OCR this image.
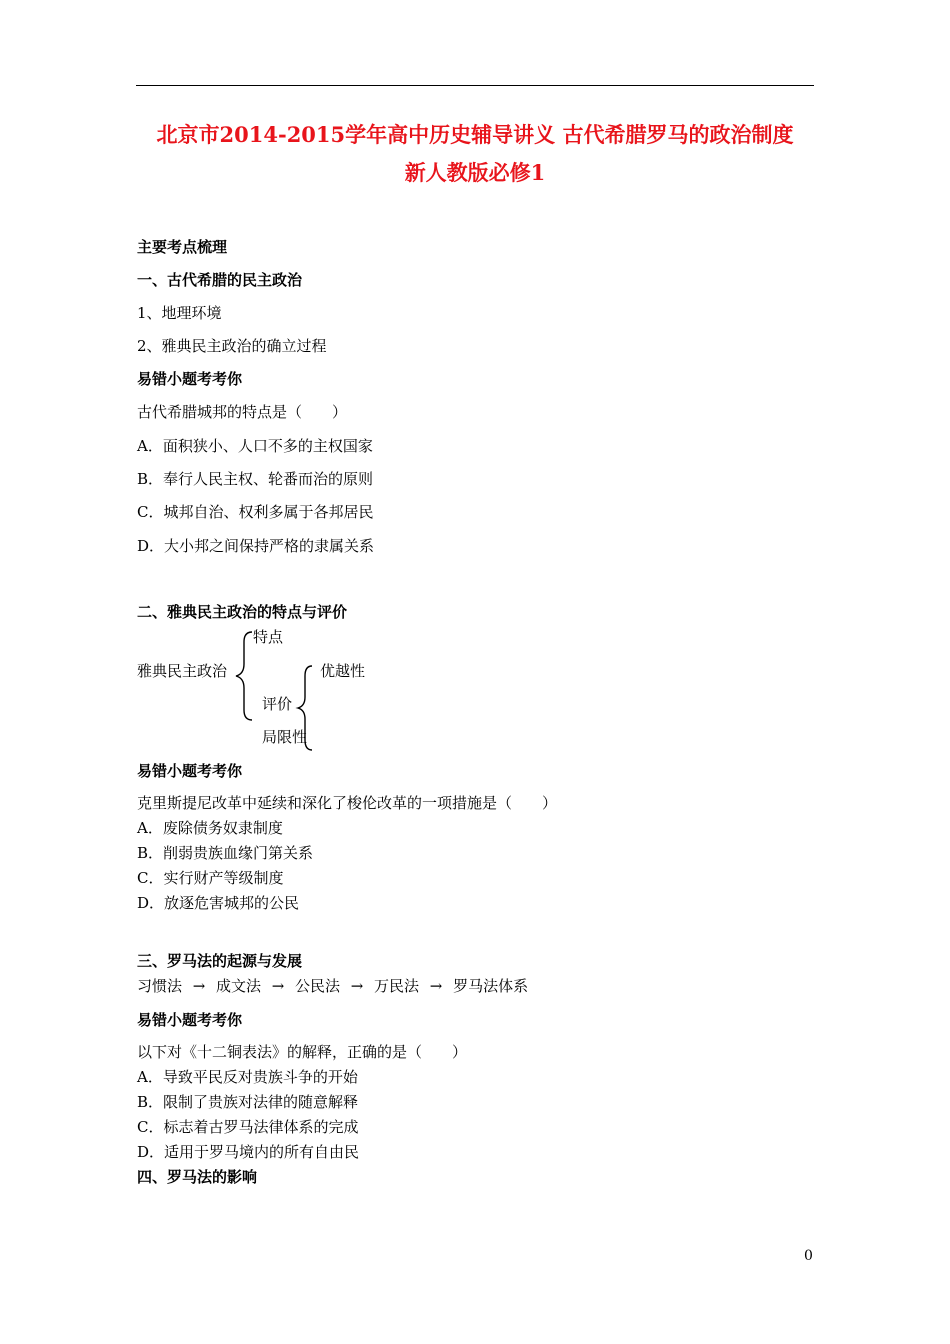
北京市2014-2015学年高中历史辅导讲义 古代希腊罗马的政治制度
新人教版必修1
主要考点梳理
一、古代希腊的民主政治
1、地理环境
2、雅典民主政治的确立过程
易错小题考考你
古代希腊城邦的特点是（　　）
A．面积狭小、人口不多的主权国家
B．奉行人民主权、轮番而治的原则
C．城邦自治、权利多属于各邦居民
D．大小邦之间保持严格的隶属关系
二、雅典民主政治的特点与评价
特点
雅典民主政治	优越性
评价
局限性
易错小题考考你
克里斯提尼改革中延续和深化了梭伦改革的一项措施是（　　）
A．废除债务奴隶制度
B．削弱贵族血缘门第关系
C．实行财产等级制度
D．放逐危害城邦的公民
三、罗马法的起源与发展
习惯法 → 成文法 → 公民法 → 万民法 → 罗马法体系
易错小题考考你
以下对《十二铜表法》的解释，正确的是（　　）
A．导致平民反对贵族斗争的开始
B．限制了贵族对法律的随意解释
C．标志着古罗马法律体系的完成
D．适用于罗马境内的所有自由民
四、罗马法的影响
0
